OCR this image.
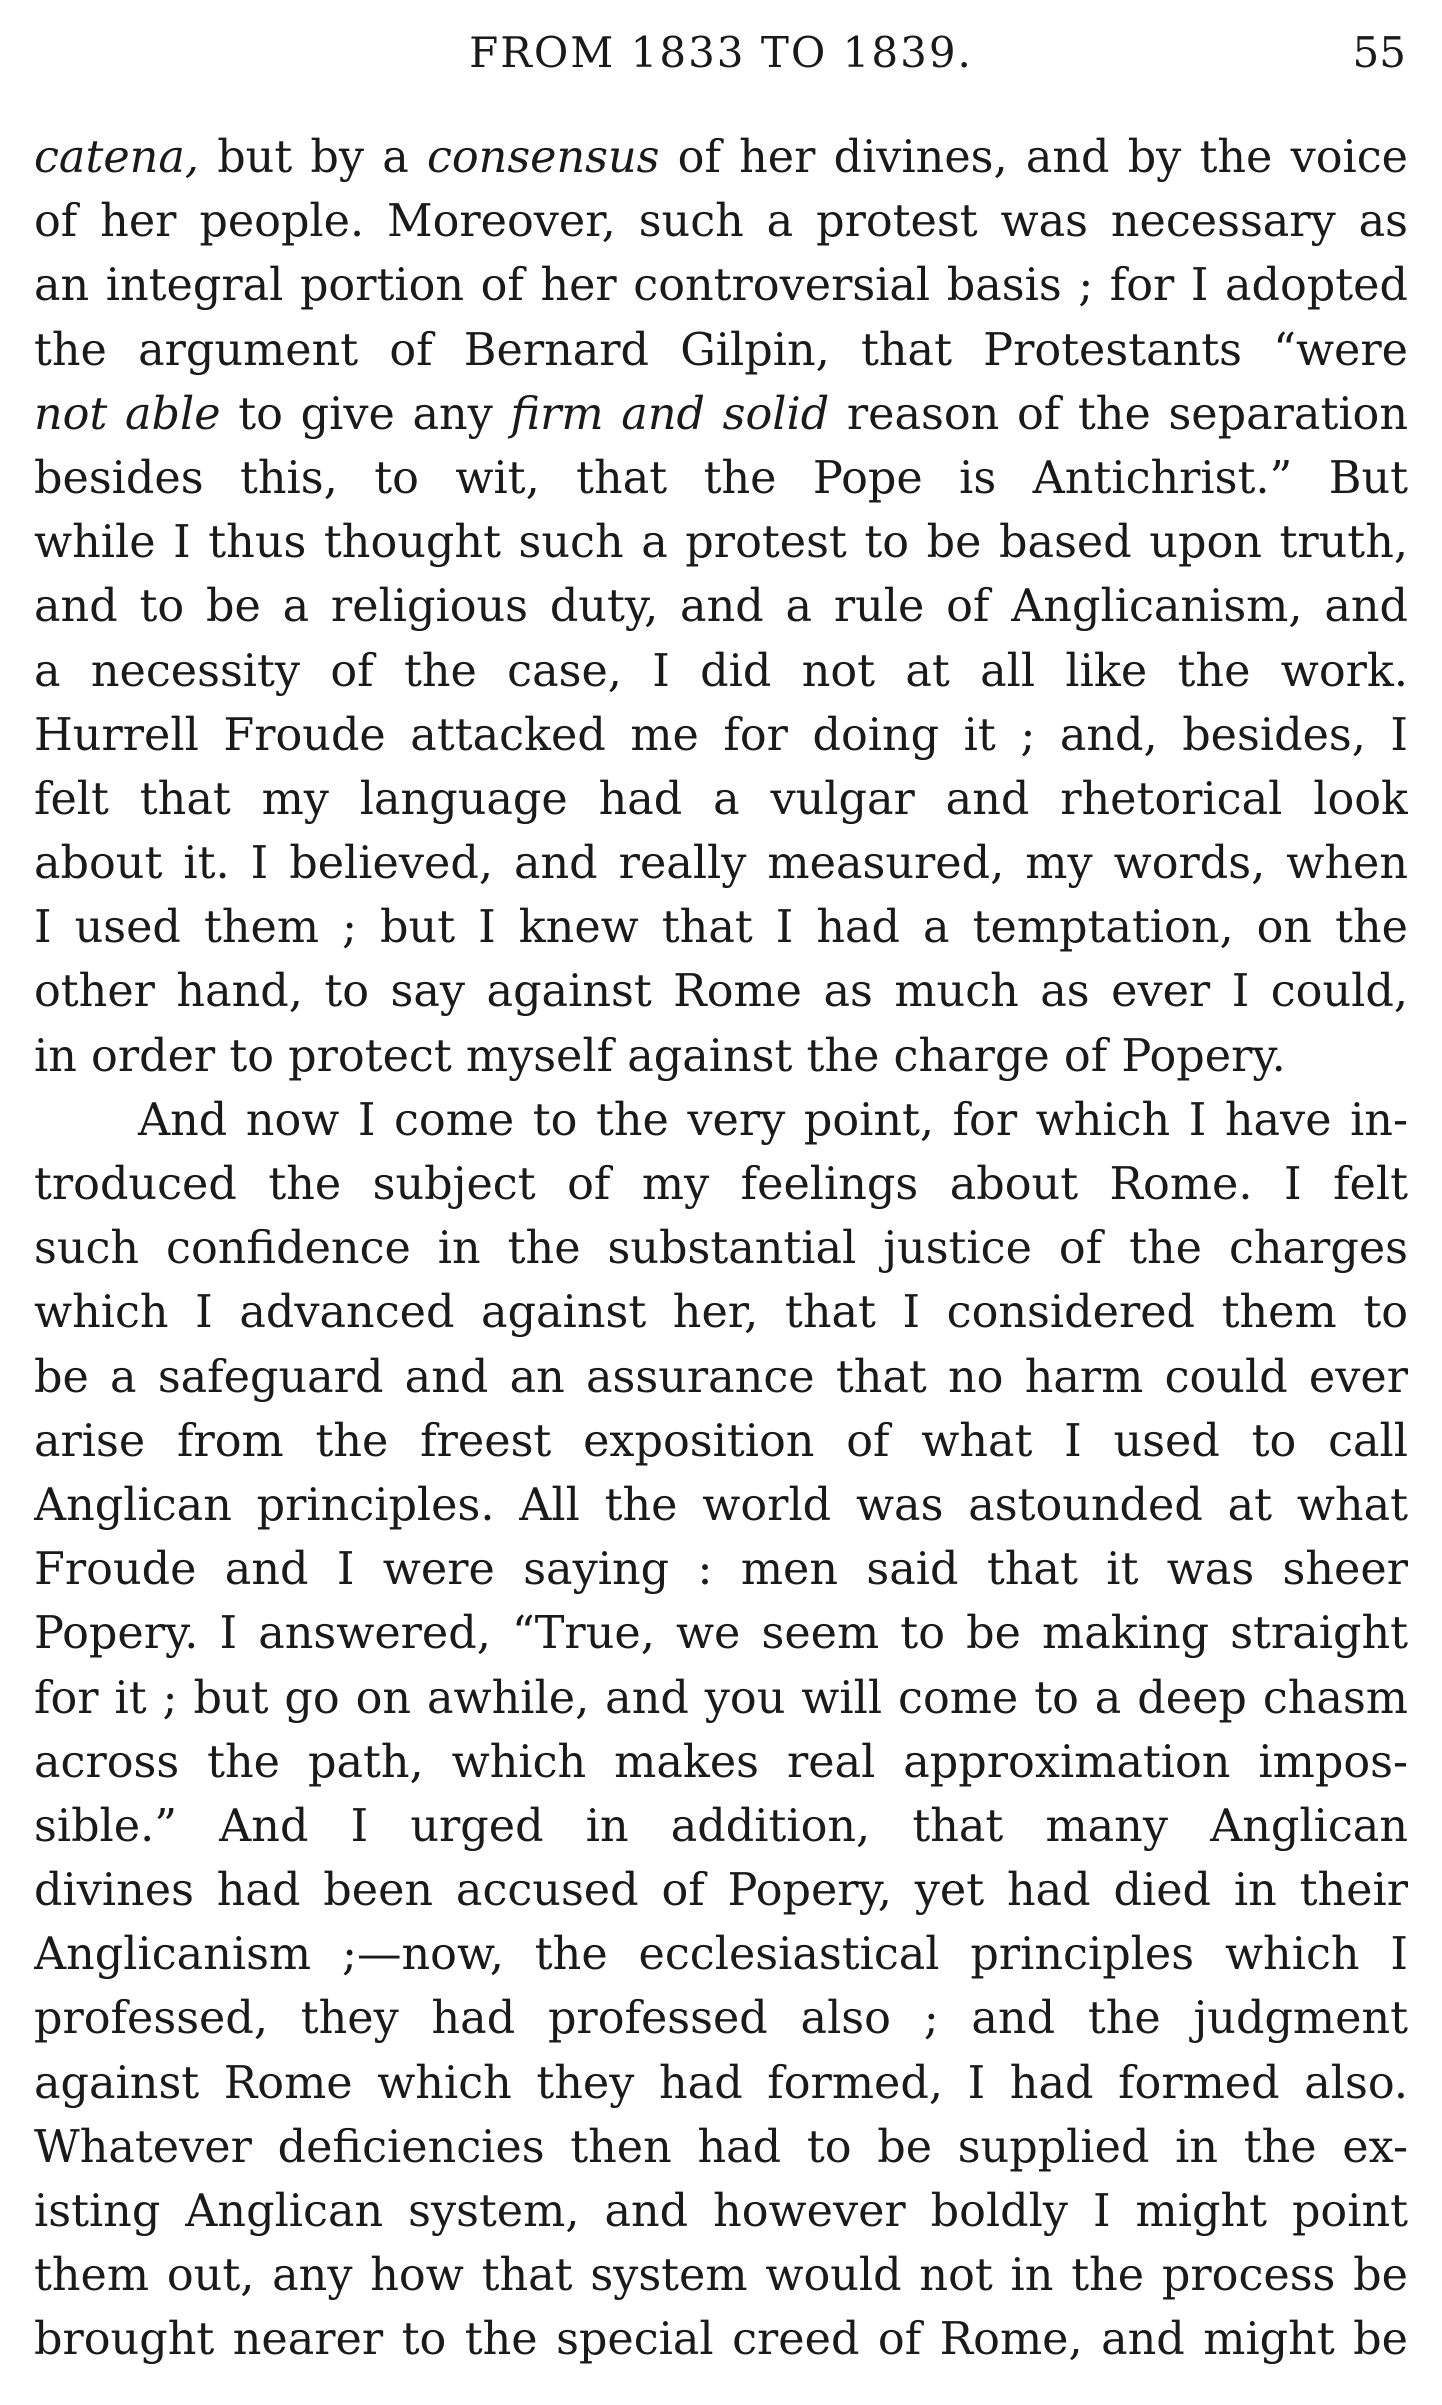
FROM 1833 TO 1839.	55
catena, but by a consensus of her divines, and by the voice
of her people. Moreover, such a protest was necessary as
an integral portion of her controversial basis ; for I adopted
the argument of Bernard Gilpin, that Protestants “were
not able to give any firm and solid reason of the separation
besides this, to wit, that the Pope is Antichrist.” But
while I thus thought such a protest to be based upon truth,
and to be a religious duty, and a rule of Anglicanism, and
a necessity of the case, I did not at all like the work.
Hurrell Froude attacked me for doing it ; and, besides, I
felt that my language had a vulgar and rhetorical look
about it. I believed, and really measured, my words, when
I used them ; but I knew that I had a temptation, on the
other hand, to say against Rome as much as ever I could,
in order to protect myself against the charge of Popery.
And now I come to the very point, for which I have in-
troduced the subject of my feelings about Rome. I felt
such confidence in the substantial justice of the charges
which I advanced against her, that I considered them to
be a safeguard and an assurance that no harm could ever
arise from the freest exposition of what I used to call
Anglican principles. All the world was astounded at what
Froude and I were saying : men said that it was sheer
Popery. I answered, “True, we seem to be making straight
for it ; but go on awhile, and you will come to a deep chasm
across the path, which makes real approximation impos-
sible.” And I urged in addition, that many Anglican
divines had been accused of Popery, yet had died in their
Anglicanism ;—now, the ecclesiastical principles which I
professed, they had professed also ; and the judgment
against Rome which they had formed, I had formed also.
Whatever deficiencies then had to be supplied in the ex-
isting Anglican system, and however boldly I might point
them out, any how that system would not in the process be
brought nearer to the special creed of Rome, and might be
